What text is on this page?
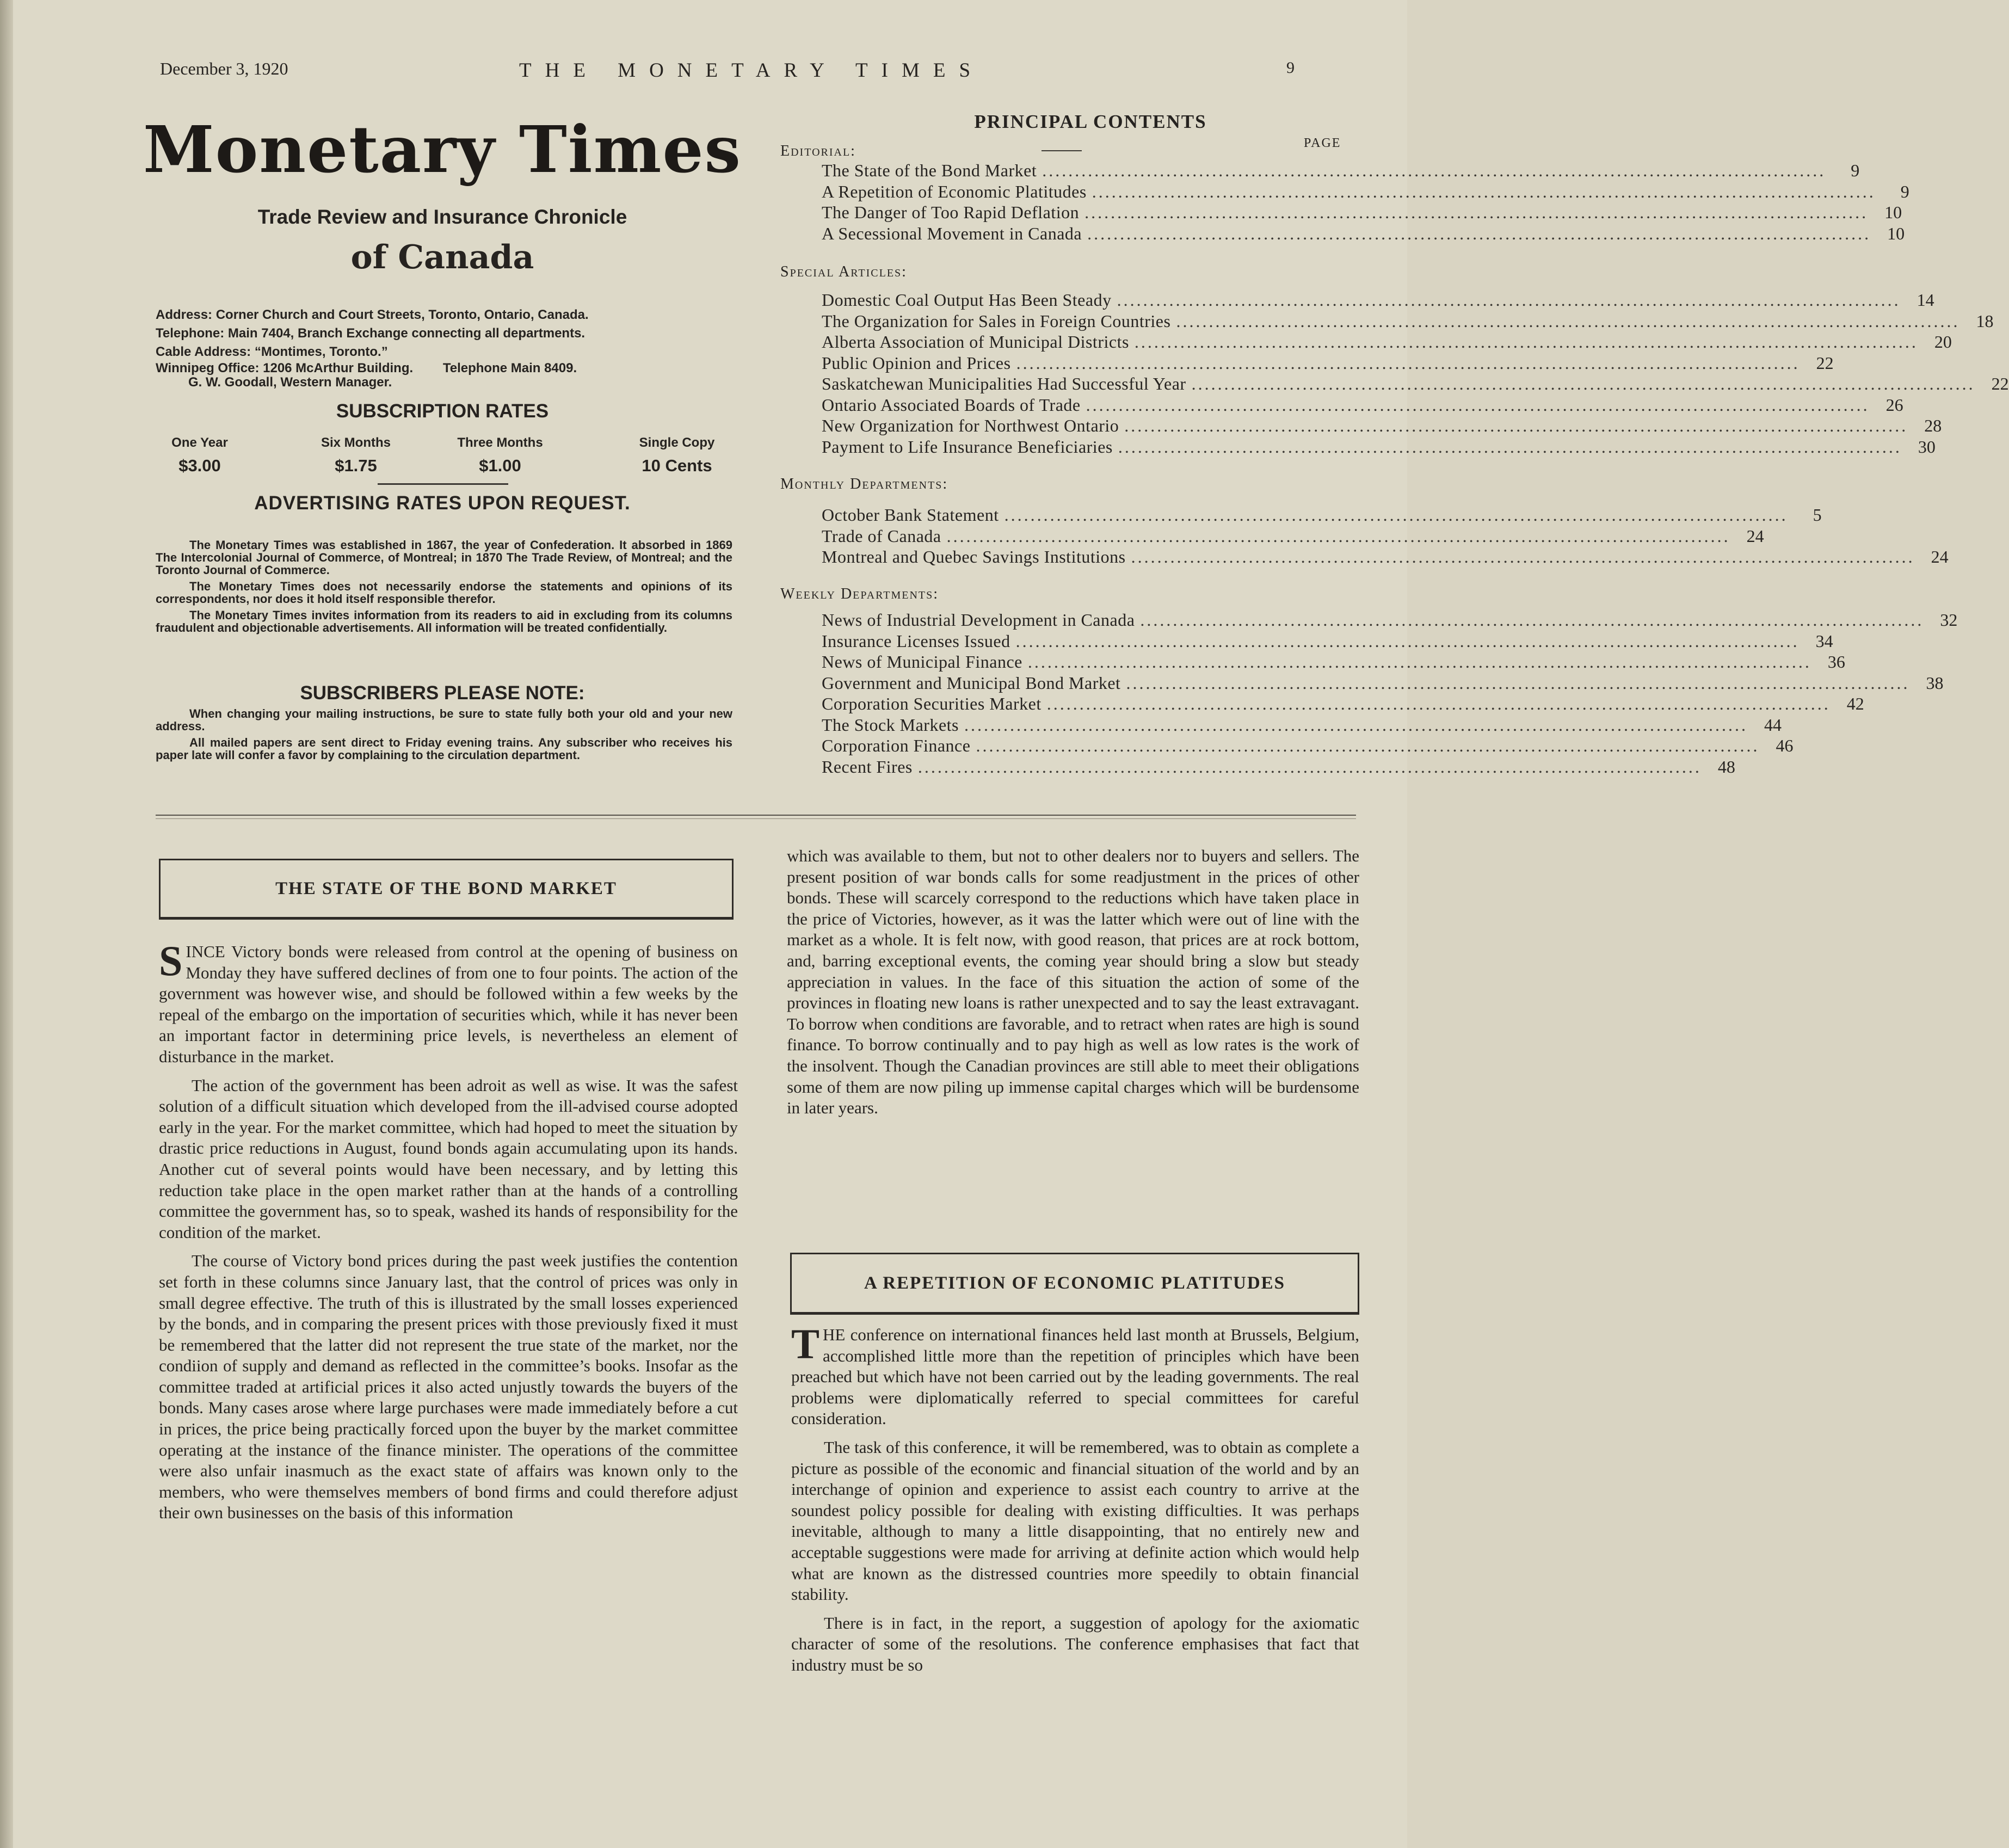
December 3, 1920	THE MONETARY TIMES	9
Monetary Times
Trade Review and Insurance Chronicle
of Canada
Address: Corner Church and Court Streets, Toronto, Ontario, Canada.
Telephone: Main 7404, Branch Exchange connecting all departments.
Cable Address: “Montimes, Toronto.”
Winnipeg Office: 1206 McArthur Building. Telephone Main 8409.
G. W. Goodall, Western Manager.
SUBSCRIPTION RATES
One Year
$3.00
Six Months
$1.75
Three Months
$1.00
Single Copy
10 Cents
ADVERTISING RATES UPON REQUEST.

The Monetary Times was established in 1867, the year of Confederation. It absorbed in 1869 The Intercolonial Journal of Commerce, of Montreal; in 1870 The Trade Review, of Montreal; and the Toronto Journal of Commerce.

The Monetary Times does not necessarily endorse the statements and opinions of its correspondents, nor does it hold itself responsible therefor.

The Monetary Times invites information from its readers to aid in excluding from its columns fraudulent and objectionable advertisements. All information will be treated confidentially.

SUBSCRIBERS PLEASE NOTE:

When changing your mailing instructions, be sure to state fully both your old and your new address.

All mailed papers are sent direct to Friday evening trains. Any subscriber who receives his paper late will confer a favor by complaining to the circulation department.

PRINCIPAL CONTENTS
PAGE
Editorial:
The State of the Bond Market ........................................................................................................................	9
A Repetition of Economic Platitudes ........................................................................................................................	9
The Danger of Too Rapid Deflation ........................................................................................................................ 10
A Secessional Movement in Canada ........................................................................................................................ 10
Special Articles:
Domestic Coal Output Has Been Steady ........................................................................................................................ 14
The Organization for Sales in Foreign Countries ........................................................................................................................ 18
Alberta Association of Municipal Districts ........................................................................................................................ 20
Public Opinion and Prices ........................................................................................................................ 22
Saskatchewan Municipalities Had Successful Year ........................................................................................................................ 22
Ontario Associated Boards of Trade ........................................................................................................................ 26
New Organization for Northwest Ontario ........................................................................................................................ 28
Payment to Life Insurance Beneficiaries ........................................................................................................................ 30
Monthly Departments:
October Bank Statement ........................................................................................................................	5
Trade of Canada ........................................................................................................................ 24
Montreal and Quebec Savings Institutions ........................................................................................................................ 24
Weekly Departments:
News of Industrial Development in Canada ........................................................................................................................ 32
Insurance Licenses Issued ........................................................................................................................ 34
News of Municipal Finance ........................................................................................................................ 36
Government and Municipal Bond Market ........................................................................................................................ 38
Corporation Securities Market ........................................................................................................................ 42
The Stock Markets ........................................................................................................................ 44
Corporation Finance ........................................................................................................................ 46
Recent Fires ........................................................................................................................ 48
THE STATE OF THE BOND MARKET

SINCE Victory bonds were released from control at the opening of business on Monday they have suffered declines of from one to four points. The action of the government was however wise, and should be followed within a few weeks by the repeal of the embargo on the importation of securities which, while it has never been an important factor in determining price levels, is nevertheless an element of disturbance in the market.

The action of the government has been adroit as well as wise. It was the safest solution of a difficult situation which developed from the ill-advised course adopted early in the year. For the market committee, which had hoped to meet the situation by drastic price reductions in August, found bonds again accumulating upon its hands. Another cut of several points would have been necessary, and by letting this reduction take place in the open market rather than at the hands of a controlling committee the government has, so to speak, washed its hands of responsibility for the condition of the market.

The course of Victory bond prices during the past week justifies the contention set forth in these columns since January last, that the control of prices was only in small degree effective. The truth of this is illustrated by the small losses experienced by the bonds, and in comparing the present prices with those previously fixed it must be remembered that the latter did not represent the true state of the market, nor the condiion of supply and demand as reflected in the committee’s books. Insofar as the committee traded at artificial prices it also acted unjustly towards the buyers of the bonds. Many cases arose where large purchases were made immediately before a cut in prices, the price being practically forced upon the buyer by the market committee operating at the instance of the finance minister. The operations of the committee were also unfair inasmuch as the exact state of affairs was known only to the members, who were themselves members of bond firms and could therefore adjust their own businesses on the basis of this information

which was available to them, but not to other dealers nor to buyers and sellers. The present position of war bonds calls for some readjustment in the prices of other bonds. These will scarcely correspond to the reductions which have taken place in the price of Victories, however, as it was the latter which were out of line with the market as a whole. It is felt now, with good reason, that prices are at rock bottom, and, barring exceptional events, the coming year should bring a slow but steady appreciation in values. In the face of this situation the action of some of the provinces in floating new loans is rather unexpected and to say the least extravagant. To borrow when conditions are favorable, and to retract when rates are high is sound finance. To borrow continually and to pay high as well as low rates is the work of the insolvent. Though the Canadian provinces are still able to meet their obligations some of them are now piling up immense capital charges which will be burdensome in later years.

A REPETITION OF ECONOMIC PLATITUDES

THE conference on international finances held last month at Brussels, Belgium, accomplished little more than the repetition of principles which have been preached but which have not been carried out by the leading governments. The real problems were diplomatically referred to special committees for careful consideration.

The task of this conference, it will be remembered, was to obtain as complete a picture as possible of the economic and financial situation of the world and by an interchange of opinion and experience to assist each country to arrive at the soundest policy possible for dealing with existing difficulties. It was perhaps inevitable, although to many a little disappointing, that no entirely new and acceptable suggestions were made for arriving at definite action which would help what are known as the distressed countries more speedily to obtain financial stability.

There is in fact, in the report, a suggestion of apology for the axiomatic character of some of the resolutions. The conference emphasises that fact that industry must be so
